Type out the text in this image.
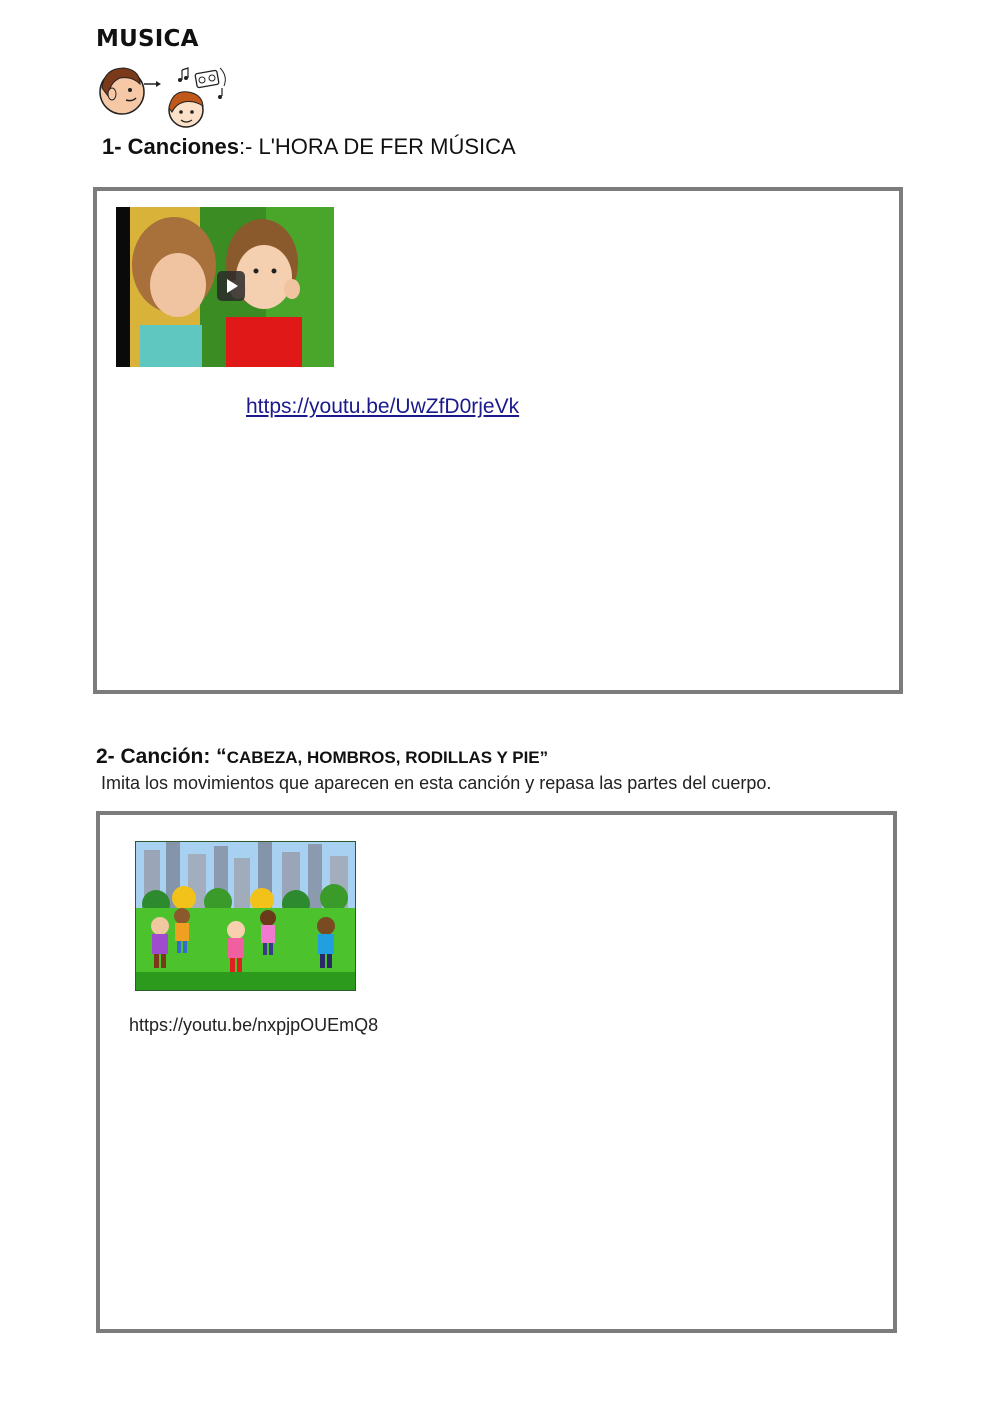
MUSICA
1- Canciones:- L'HORA DE FER MÚSICA
https://youtu.be/UwZfD0rjeVk
2- Canción: “CABEZA, HOMBROS, RODILLAS Y PIE”
Imita los movimientos que aparecen en esta canción y repasa las partes del cuerpo.
https://youtu.be/nxpjpOUEmQ8
